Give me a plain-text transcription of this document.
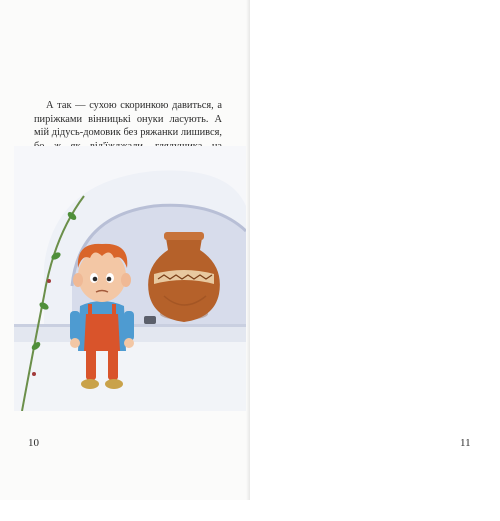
А так — сухою скоринкою давиться, а пиріжками вінницькі онуки ласують. А мій дідусь-домовик без ряжанки лишився,

10	11
